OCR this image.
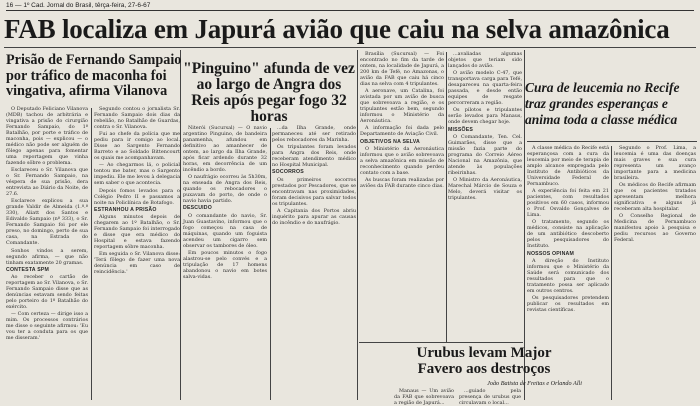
16 — 1º Cad. Jornal do Brasil, têrça-feira, 27-6-67
FAB localiza em Japurá avião que caiu na selva amazônica
Prisão de Fernando Sampaio por tráfico de maconha foi vingativa, afirma Vilanova

O Deputado Feliciano Vilanova (MDB) tachou de arbitrária e vingativa a prisão do cirurgião Fernando Sampaio, do 1º Batalhão, por porte e tráfico de maconha, pois — explicou — o médico não pode ser alguém de fôlego apenas para fomentar uma reportagem que vinha fazendo sôbre o problema.

Esclareceu o Sr. Vilanova que o Sr. Fernando Sampaio, na véspera de sua prisão, dera entrevista ao Diário da Noite, de 27.6.

Esclarece explicou a sua grande Valdir de Almeida (1.º.º 330), Aliatt dos Santos e Edivaldo Sampaio (nº 333), o Sr. Fernando Sampaio foi por ele preso, no domingo, perto de sua casa, na Estrada do Comandante.

Sonhos vindos a serem, segundo afirma, — que não tinham exatamente 20 gramas.

CONTESTA SPM

Ao receber o cartão de reportagem ao Sr. Vilanova, o Sr. Fernando Sampaio disse que as denúncias estavam sendo feitas pelo porteiro do 1º Batalhão do exército.

— Com certeza — dirige isso a mim. Os processos contrários me disse o seguinte afirmou: 'Eu vou ter a conduta para os que me disseram.'

Segundo contou o jornalista Sr. Fernando Sampaio dois dias da rebelião, no Batalhão de Guardas, contra o Sr. Vilanova.

Fui ao chefe da polícia que me pediu para ir comigo ao local. Disse ao Sargento Fernando Barreto e ao Soldado Bittencourt os quais me acompanhavam.

— Ao chegarmos lá, o policial tentou me bater, mas o Sargento impediu. Ele me levou à delegacia sem saber o que acontecia.

Depois fomos levados para o Colégio Pedro II e passamos a noite na Policlínica de Botafogo.

ESTRANHOU A PRISÃO

Alguns minutos depois de chegarem ao 1º Batalhão, o Sr. Fernando Sampaio foi interrogado e disse que era médico do Hospital e estava fazendo reportagem sôbre maconha.

Em seguida o Sr. Vilanova disse: 'Terá fôlego de fazer uma nova denúncia em caso de reincidência.'

"Pinguino" afunda de vez ao largo de Angra dos Reis após pegar fogo 32 horas

Niterói (Sucursal) — O navio argentino Pinguino, de bandeira panamenha, afundou em definitivo ao amanhecer de ontem, ao largo da Ilha Grande, após ficar ardendo durante 32 horas, em decorrência de um incêndio a bordo.

O naufrágio ocorreu às 5h30m, na enseada de Angra dos Reis, quando os rebocadores o puxavam do porto, de onde o navio havia partido.

DESCUIDO

O comandante do navio, Sr. Juan Guastavino, informou que o fogo começou na casa de máquinas, quando um foguista acendeu um cigarro sem observar os tambores de óleo.

Em poucos minutos o fogo alastrou-se pelo convés e a tripulação de 17 homens abandonou o navio em botes salva-vidas.

...da Ilha Grande, onde permaneceu até ser retirado pelos rebocadores da Marinha.

Os tripulantes foram levados para Angra dos Reis, onde receberam atendimento médico no Hospital Municipal.

SOCORROS

Os primeiros socorros prestados por Pescadores, que se encontravam nas proximidades, foram decisivos para salvar todos os tripulantes.

A Capitania dos Portos abriu inquérito para apurar as causas do incêndio e do naufrágio.

Brasília (Sucursal) — Foi encontrado no fim da tarde de ontem, na localidade de Japurá, a 200 km de Tefé, no Amazonas, o avião da FAB que caiu há cinco dias na selva com 4 tripulantes.

A aeronave, um Catalina, foi avistada por um avião de busca que sobrevoava a região, e os tripulantes estão bem, segundo informou o Ministério da Aeronáutica.

A informação foi dada pelo Departamento de Aviação Civil.

OBJETIVOS NA SELVA

O Ministério da Aeronáutica informou que o avião sobrevoava a selva amazônica em missão de reconhecimento quando perdeu contato com a base.

As buscas foram realizadas por aviões da FAB durante cinco dias.

...avaliadas algumas objetos que teriam sido lançados do avião.

O avião modelo C-47, que transportava carga para Tefé, desapareceu na quarta-feira passada, e desde então equipes de resgate percorreram a região.

Os pilotos e tripulantes serão levados para Manaus, onde devem chegar hoje.

MISSÕES

O Comandante, Ten. Cel. Guimarães, disse que a missão fazia parte do programa do Correio Aéreo Nacional na Amazônia, que atende às populações ribeirinhas.

O Ministro da Aeronáutica, Marechal Márcio de Souza e Melo, deverá visitar os tripulantes.

Cura de leucemia no Recife traz grandes esperanças e anima toda a classe médica

A classe médica do Recife está esperançosa com a cura da leucemia por meio de terapia de amplo alcance empregada pelo Instituto de Antibióticos da Universidade Federal de Pernambuco.

A experiência foi feita em 21 pacientes, com resultados positivos em 60 casos, informou o Prof. Osvaldo Gonçalves de Lima.

O tratamento, segundo os médicos, consiste na aplicação de um antibiótico descoberto pelos pesquisadores do Instituto.

NOSSOS OPINAM

A direção do Instituto informou que o Ministério da Saúde será comunicado dos resultados para que o tratamento possa ser aplicado em outros centros.

Os pesquisadores pretendem publicar os resultados em revistas científicas.

Segundo o Prof. Lima, a leucemia é uma das doenças mais graves e sua cura representa um avanço importante para a medicina brasileira.

Os médicos do Recife afirmam que os pacientes tratados apresentam melhora significativa e alguns já receberam alta hospitalar.

O Conselho Regional de Medicina de Pernambuco manifestou apoio à pesquisa e pediu recursos ao Governo Federal.

Urubus levam Major Favero aos destroços
João Batista de Freitas e Orlando Alli

Manaus — Um avião da FAB que sobrevoava a região de Japurá...

...guiado pela presença de urubus que circulavam o local...
